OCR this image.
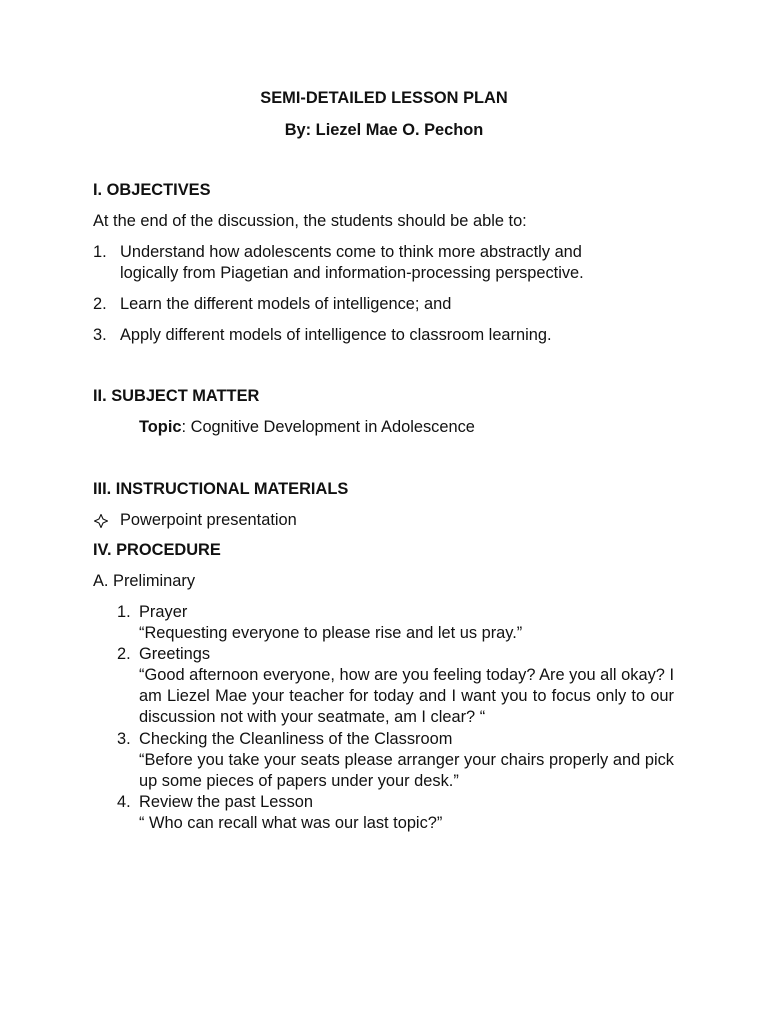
SEMI-DETAILED LESSON PLAN
By: Liezel Mae O. Pechon
I. OBJECTIVES
At the end of the discussion, the students should be able to:
1. Understand how adolescents come to think more abstractly and
logically from Piagetian and information-processing perspective.
2. Learn the different models of intelligence; and
3. Apply different models of intelligence to classroom learning.
II. SUBJECT MATTER
Topic: Cognitive Development in Adolescence
III. INSTRUCTIONAL MATERIALS
Powerpoint presentation
IV. PROCEDURE
A. Preliminary
1. Prayer
“Requesting everyone to please rise and let us pray.”
2. Greetings
“Good afternoon everyone, how are you feeling today? Are you all okay? I am Liezel Mae your teacher for today and I want you to focus only to our discussion not with your seatmate, am I clear? “
3. Checking the Cleanliness of the Classroom
“Before you take your seats please arranger your chairs properly and pick up some pieces of papers under your desk.”
4. Review the past Lesson
“ Who can recall what was our last topic?”
